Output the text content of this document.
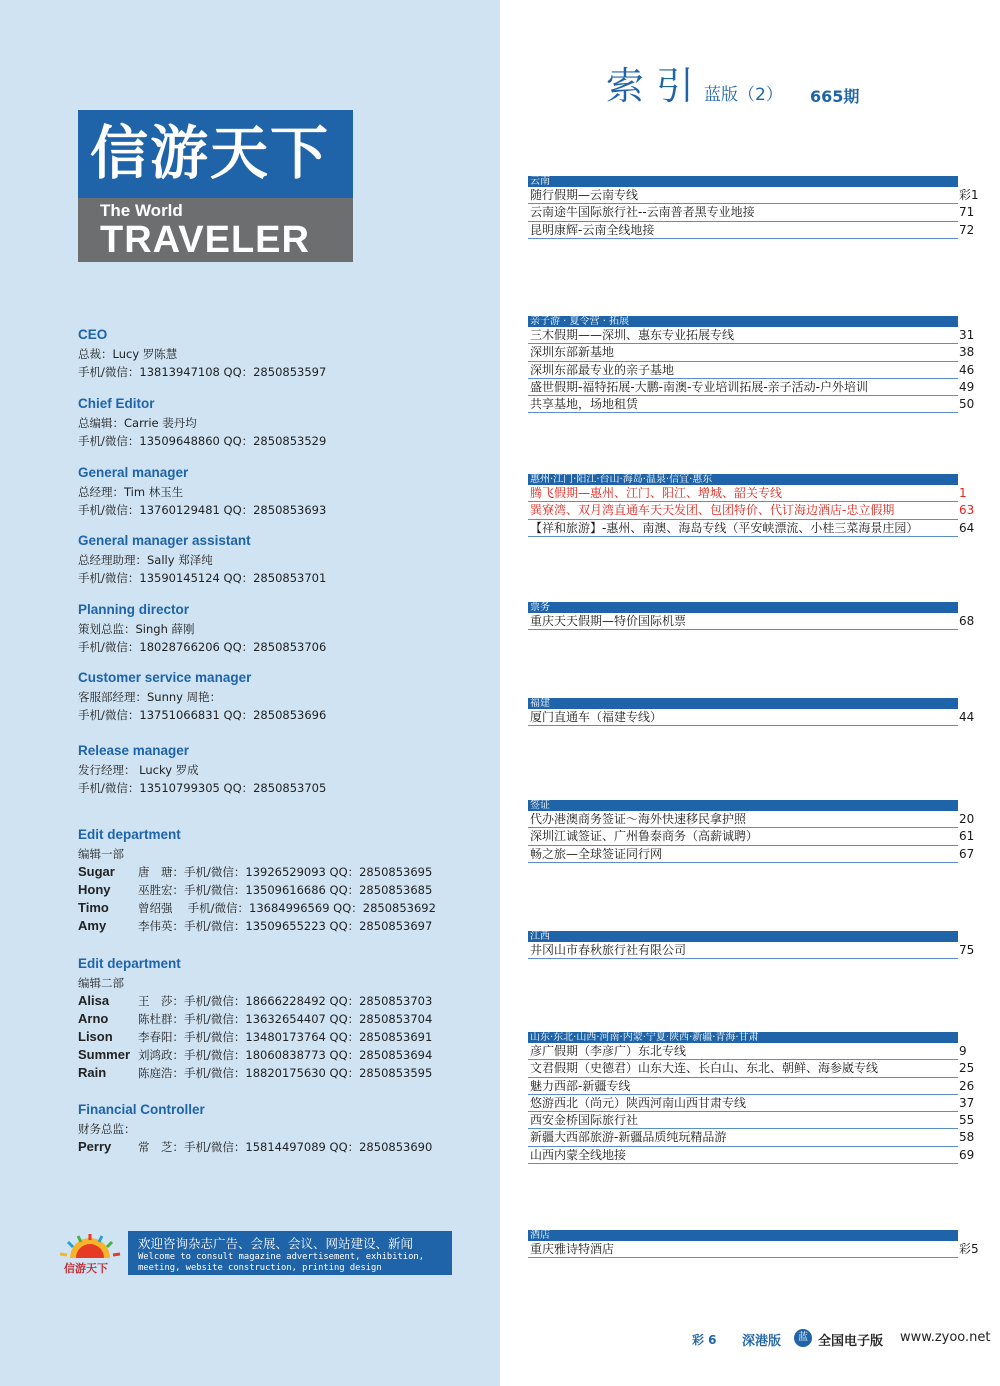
信游天下
The World
TRAVELER
CEO
总裁：Lucy 罗陈慧
手机/微信：13813947108 QQ：2850853597
Chief Editor
总编辑：Carrie 裴丹均
手机/微信：13509648860 QQ：2850853529
General manager
总经理：Tim 林玉生
手机/微信：13760129481 QQ：2850853693
General manager assistant
总经理助理：Sally 郑泽纯
手机/微信：13590145124 QQ：2850853701
Planning director
策划总监：Singh 薛刚
手机/微信：18028766206 QQ：2850853706
Customer service manager
客服部经理：Sunny 周艳：
手机/微信：13751066831 QQ：2850853696
Release manager
发行经理： Lucky 罗成
手机/微信：13510799305 QQ：2850853705
Edit department
编辑一部
Sugar 唐　瑭：手机/微信：13926529093 QQ：2850853695
Hony 巫胜宏：手机/微信：13509616686 QQ：2850853685
Timo	曾绍强　 手机/微信：13684996569 QQ：2850853692
Amy	李伟英：手机/微信：13509655223 QQ：2850853697
Edit department
编辑二部
Alisa	王　莎：手机/微信：18666228492 QQ：2850853703
Arno	陈杜群：手机/微信：13632654407 QQ：2850853704
Lison 李春阳：手机/微信：13480173764 QQ：2850853691
Summer 刘鸿政：手机/微信：18060838773 QQ：2850853694
Rain	陈庭浩：手机/微信：18820175630 QQ：2850853595
Financial Controller
财务总监：
Perry 常　芝：手机/微信：15814497089 QQ：2850853690
信游天下
欢迎咨询杂志广告、会展、会议、网站建设、新闻
Welcome to consult magazine advertisement, exhibition, meeting, website construction, printing design
索引
蓝版（2） 665期
云南
随行假期—云南专线	彩1
云南途牛国际旅行社--云南普者黑专业地接	71
昆明康辉-云南全线地接	72
亲子游 · 夏令营 · 拓展
三木假期——深圳、惠东专业拓展专线	31
深圳东部新基地	38
深圳东部最专业的亲子基地	46
盛世假期-福特拓展-大鹏-南澳-专业培训拓展-亲子活动-户外培训	49
共享基地，场地租赁	50
惠州·江门·阳江·台山·海岛·温泉·信宜·惠东
腾飞假期—惠州、江门、阳江、增城、韶关专线	1
巽寮湾、双月湾直通车天天发团、包团特价、代订海边酒店-忠立假期	63
【祥和旅游】-惠州、南澳、海岛专线（平安峡漂流、小桂三菜海景庄园）	64
票务
重庆天天假期—特价国际机票	68
福建
厦门直通车（福建专线）	44
签证
代办港澳商务签证～海外快速移民拿护照	20
深圳江诚签证、广州鲁泰商务（高薪诚聘）	61
畅之旅—全球签证同行网	67
江西
井冈山市春秋旅行社有限公司	75
山东·东北·山西·河南·内蒙·宁夏·陕西·新疆·青海·甘肃
彦广假期（李彦广）东北专线	9
文君假期（史德君）山东大连、长白山、东北、朝鲜、海参崴专线	25
魅力西部-新疆专线	26
悠游西北（尚元）陕西河南山西甘肃专线	37
西安金桥国际旅行社	55
新疆大西部旅游-新疆品质纯玩精品游	58
山西内蒙全线地接	69
酒店
重庆雅诗特酒店	彩5
彩 6 深港版	蓝 全国电子版 www.zyoo.net
